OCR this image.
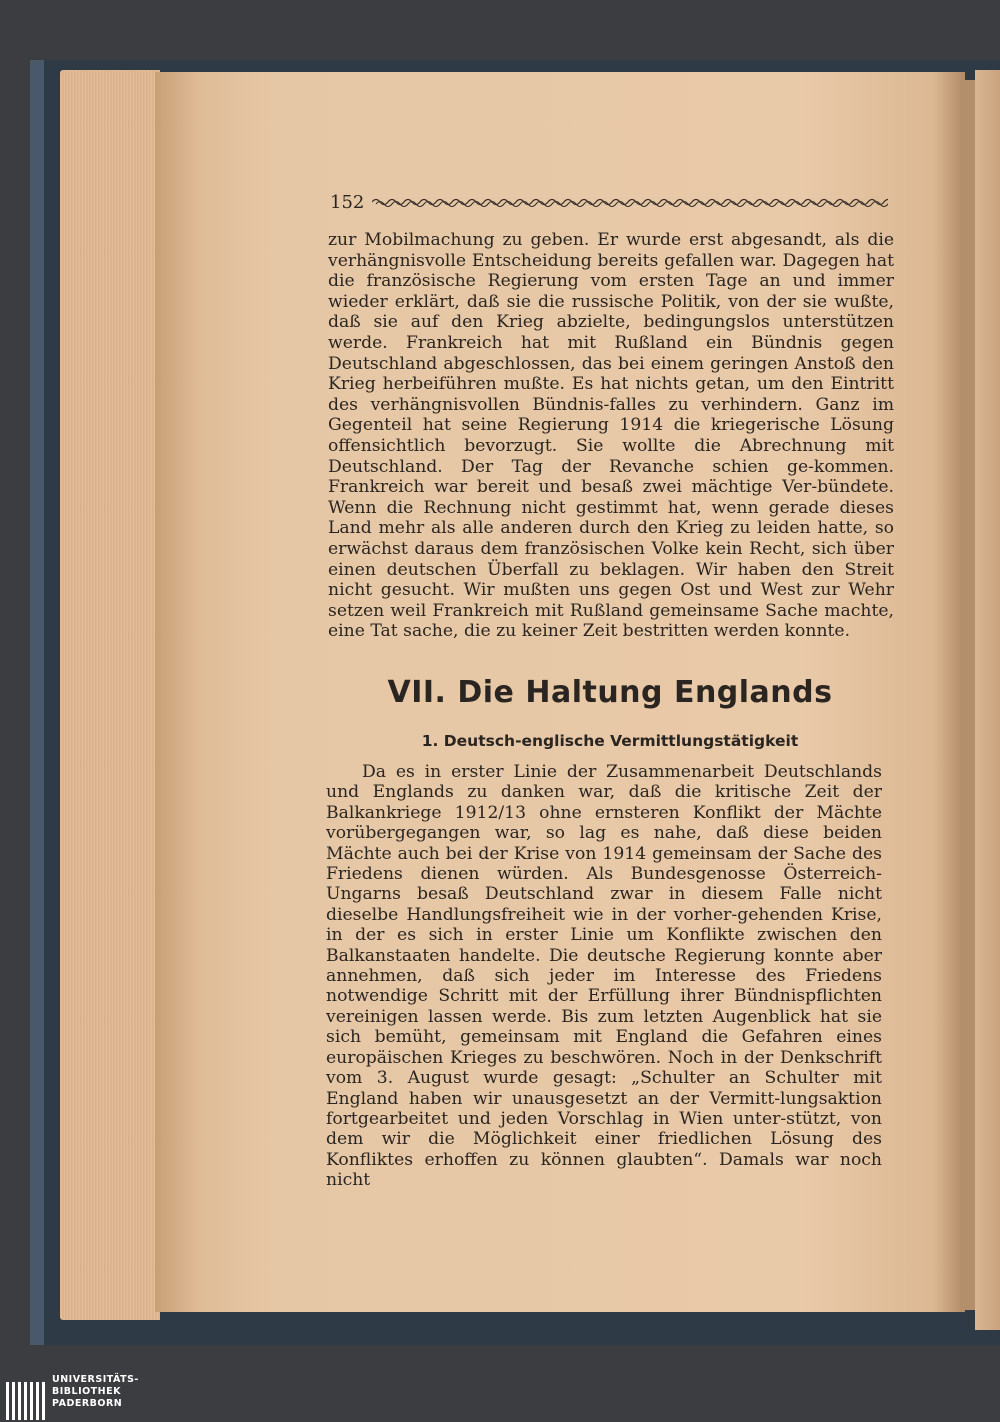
152

zur Mobilmachung zu geben. Er wurde erst abgesandt, als die verhängnisvolle Entscheidung bereits gefallen war. Dagegen hat die französische Regierung vom ersten Tage an und immer wieder erklärt, daß sie die russische Politik, von der sie wußte, daß sie auf den Krieg abzielte, bedingungslos unterstützen werde. Frankreich hat mit Rußland ein Bündnis gegen Deutschland abgeschlossen, das bei einem geringen Anstoß den Krieg herbeiführen mußte. Es hat nichts getan, um den Eintritt des verhängnisvollen Bündnis-falles zu verhindern. Ganz im Gegenteil hat seine Regierung 1914 die kriegerische Lösung offensichtlich bevorzugt. Sie wollte die Abrechnung mit Deutschland. Der Tag der Revanche schien ge-kommen. Frankreich war bereit und besaß zwei mächtige Ver-bündete. Wenn die Rechnung nicht gestimmt hat, wenn gerade dieses Land mehr als alle anderen durch den Krieg zu leiden hatte, so erwächst daraus dem französischen Volke kein Recht, sich über einen deutschen Überfall zu beklagen. Wir haben den Streit nicht gesucht. Wir mußten uns gegen Ost und West zur Wehr setzen weil Frankreich mit Rußland gemeinsame Sache machte, eine Tat sache, die zu keiner Zeit bestritten werden konnte.

VII. Die Haltung Englands
1. Deutsch-englische Vermittlungstätigkeit

Da es in erster Linie der Zusammenarbeit Deutschlands und Englands zu danken war, daß die kritische Zeit der Balkankriege 1912/13 ohne ernsteren Konflikt der Mächte vorübergegangen war, so lag es nahe, daß diese beiden Mächte auch bei der Krise von 1914 gemeinsam der Sache des Friedens dienen würden. Als Bundesgenosse Österreich-Ungarns besaß Deutschland zwar in diesem Falle nicht dieselbe Handlungsfreiheit wie in der vorher-gehenden Krise, in der es sich in erster Linie um Konflikte zwischen den Balkanstaaten handelte. Die deutsche Regierung konnte aber annehmen, daß sich jeder im Interesse des Friedens notwendige Schritt mit der Erfüllung ihrer Bündnispflichten vereinigen lassen werde. Bis zum letzten Augenblick hat sie sich bemüht, gemeinsam mit England die Gefahren eines europäischen Krieges zu beschwören. Noch in der Denkschrift vom 3. August wurde gesagt: „Schulter an Schulter mit England haben wir unausgesetzt an der Vermitt-lungsaktion fortgearbeitet und jeden Vorschlag in Wien unter-stützt, von dem wir die Möglichkeit einer friedlichen Lösung des Konfliktes erhoffen zu können glaubten“. Damals war noch nicht

UNIVERSITÄTS-
BIBLIOTHEK
PADERBORN
